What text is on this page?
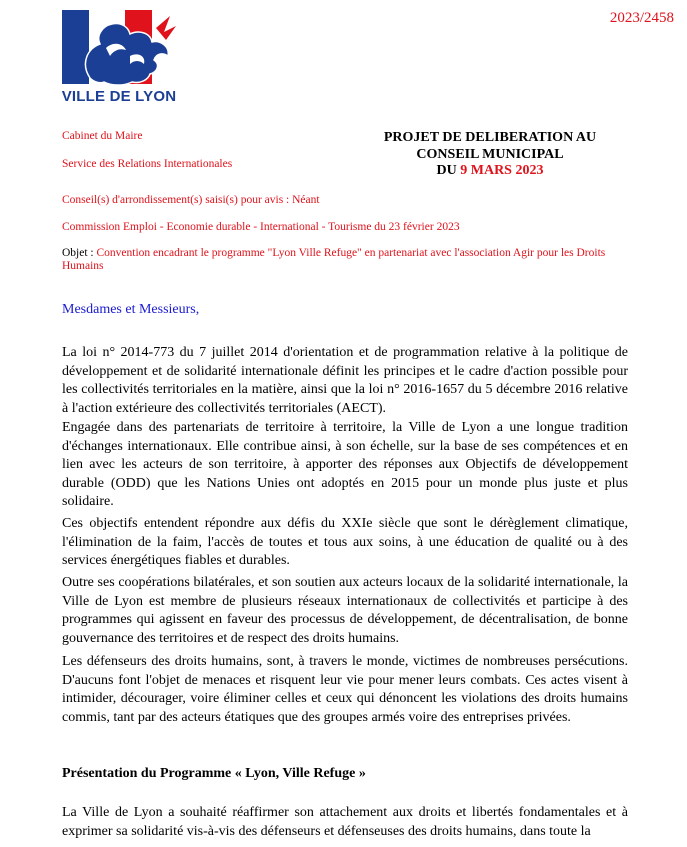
VILLE DE LYON
2023/2458
Cabinet du Maire
Service des Relations Internationales
Conseil(s) d'arrondissement(s) saisi(s) pour avis : Néant
Commission Emploi - Economie durable - International - Tourisme du 23 février 2023
PROJET DE DELIBERATION AU
CONSEIL MUNICIPAL
DU 9 MARS 2023
Objet : Convention encadrant le programme "Lyon Ville Refuge" en partenariat avec l'association Agir pour les Droits Humains
Mesdames et Messieurs,

La loi n° 2014-773 du 7 juillet 2014 d'orientation et de programmation relative à la politique de développement et de solidarité internationale définit les principes et le cadre d'action possible pour les collectivités territoriales en la matière, ainsi que la loi n° 2016-1657 du 5 décembre 2016 relative à l'action extérieure des collectivités territoriales (AECT).

Engagée dans des partenariats de territoire à territoire, la Ville de Lyon a une longue tradition d'échanges internationaux. Elle contribue ainsi, à son échelle, sur la base de ses compétences et en lien avec les acteurs de son territoire, à apporter des réponses aux Objectifs de développement durable (ODD) que les Nations Unies ont adoptés en 2015 pour un monde plus juste et plus solidaire.

Ces objectifs entendent répondre aux défis du XXIe siècle que sont le dérèglement climatique, l'élimination de la faim, l'accès de toutes et tous aux soins, à une éducation de qualité ou à des services énergétiques fiables et durables.

Outre ses coopérations bilatérales, et son soutien aux acteurs locaux de la solidarité internationale, la Ville de Lyon est membre de plusieurs réseaux internationaux de collectivités et participe à des programmes qui agissent en faveur des processus de développement, de décentralisation, de bonne gouvernance des territoires et de respect des droits humains.

Les défenseurs des droits humains, sont, à travers le monde, victimes de nombreuses persécutions. D'aucuns font l'objet de menaces et risquent leur vie pour mener leurs combats. Ces actes visent à intimider, décourager, voire éliminer celles et ceux qui dénoncent les violations des droits humains commis, tant par des acteurs étatiques que des groupes armés voire des entreprises privées.

Présentation du Programme « Lyon, Ville Refuge »

La Ville de Lyon a souhaité réaffirmer son attachement aux droits et libertés fondamentales et à exprimer sa solidarité vis-à-vis des défenseurs et défenseuses des droits humains, dans toute la
